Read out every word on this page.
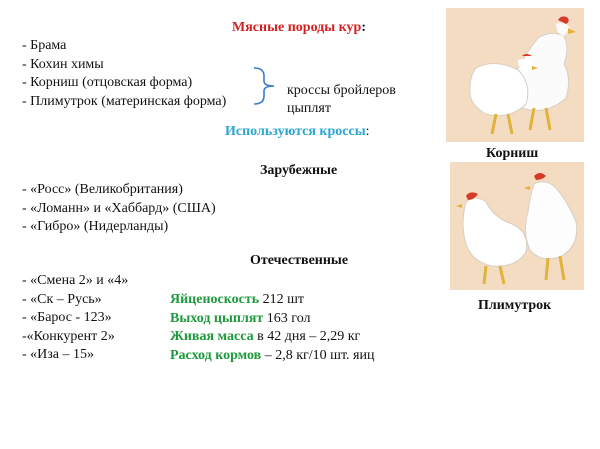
Мясные породы кур:
- Брама
- Кохин химы
- Корниш (отцовская форма)
- Плимутрок (материнская форма)
кроссы бройлеров
цыплят
Используются кроссы:
Зарубежные
- «Росс» (Великобритания)
- «Ломанн» и «Хаббард» (США)
- «Гибро» (Нидерланды)
Отечественные
- «Смена 2» и «4»
- «Ск – Русь»
- «Барос - 123»
-«Конкурент 2»
- «Иза – 15»
Яйценоскость 212 шт
Выход цыплят 163 гол
Живая масса в 42 дня – 2,29 кг
Расход кормов – 2,8 кг/10 шт. яиц
Корниш
Плимутрок
